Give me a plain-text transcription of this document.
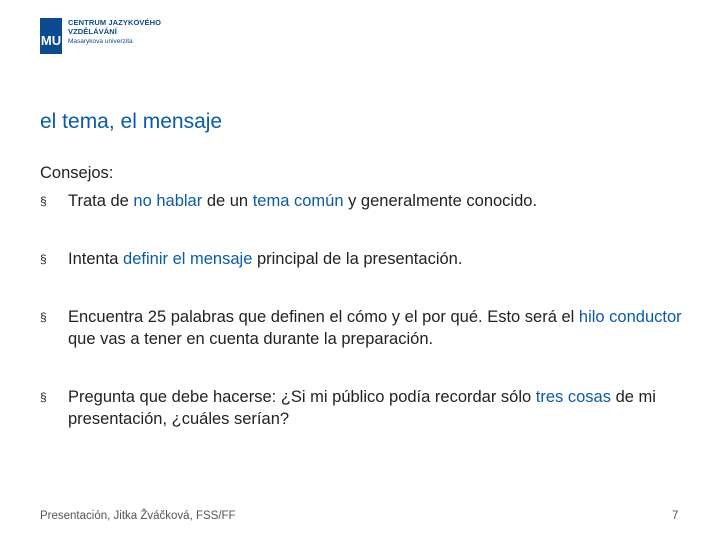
MU
CENTRUM JAZYKOVÉHO
VZDĚLÁVÁNÍ
Masarykova univerzita
el tema, el mensaje
Consejos:
§ Trata de no hablar de un tema común y generalmente conocido.
§ Intenta definir el mensaje principal de la presentación.
§ Encuentra 25 palabras que definen el cómo y el por qué. Esto será el hilo conductor que vas a tener en cuenta durante la preparación.
§ Pregunta que debe hacerse: ¿Si mi público podía recordar sólo tres cosas de mi presentación, ¿cuáles serían?
Presentación, Jitka Žváčková, FSS/FF	7
